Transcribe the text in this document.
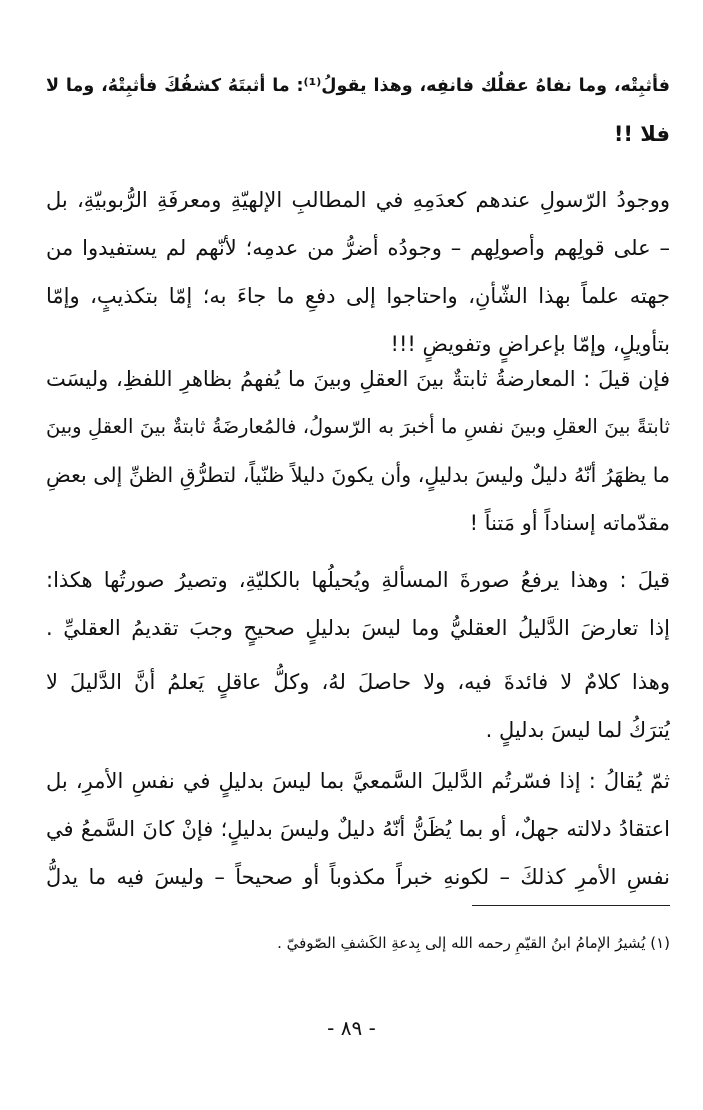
فأثبِتْه، وما نفاهُ عقلُك فانفِه، وهذا يقولُ⁽¹⁾: ما أثبتَهُ كشفُكَ فأثبِتْهُ، وما لا
فلا !!
ووجودُ الرّسولِ عندهم كعدَمِهِ في المطالبِ الإلهيّةِ ومعرفَةِ الرُّبوبيّةِ، بل
– على قولِهم وأصولِهم – وجودُه أضرُّ من عدمِه؛ لأنّهم لم يستفيدوا من
جهته علماً بهذا الشّأنِ، واحتاجوا إلى دفعِ ما جاءَ به؛ إمّا بتكذيبٍ، وإمّا
بتأويلٍ، وإمّا بإعراضٍ وتفويضٍ !!!
فإن قيلَ : المعارضةُ ثابتةٌ بينَ العقلِ وبينَ ما يُفهمُ بظاهرِ اللفظِ، وليسَت
ثابتةً بينَ العقلِ وبينَ نفسِ ما أخبرَ به الرّسولُ، فالمُعارضَةُ ثابتةٌ بينَ العقلِ وبينَ
ما يظهَرُ أنّهُ دليلٌ وليسَ بدليلٍ، وأن يكونَ دليلاً ظنّياً، لتطرُّقِ الظنِّ إلى بعضِ
مقدّماته إسناداً أو مَتناً !
قيلَ : وهذا يرفعُ صورةَ المسألةِ ويُحيلُها بالكليّةِ، وتصيرُ صورتُها هكذا:
إذا تعارضَ الدَّليلُ العقليُّ وما ليسَ بدليلٍ صحيحٍ وجبَ تقديمُ العقليِّ .
وهذا كلامٌ لا فائدةَ فيه، ولا حاصلَ لهُ، وكلُّ عاقلٍ يَعلمُ أنَّ الدَّليلَ لا
يُترَكُ لما ليسَ بدليلٍ .
ثمّ يُقالُ : إذا فسّرتُم الدَّليلَ السَّمعيَّ بما ليسَ بدليلٍ في نفسِ الأمرِ، بل
اعتقادُ دلالته جهلٌ، أو بما يُظَنُّ أنّهُ دليلٌ وليسَ بدليلٍ؛ فإنْ كانَ السَّمعُ في
نفسِ الأمرِ كذلكَ – لكونهِ خبراً مكذوباً أو صحيحاً – وليسَ فيه ما يدلُّ
(١) يُشيرُ الإمامُ ابنُ القيّمِ رحمه الله إلى بِدعةِ الكَشفِ الصّوفيّ .
- ٨٩ -
